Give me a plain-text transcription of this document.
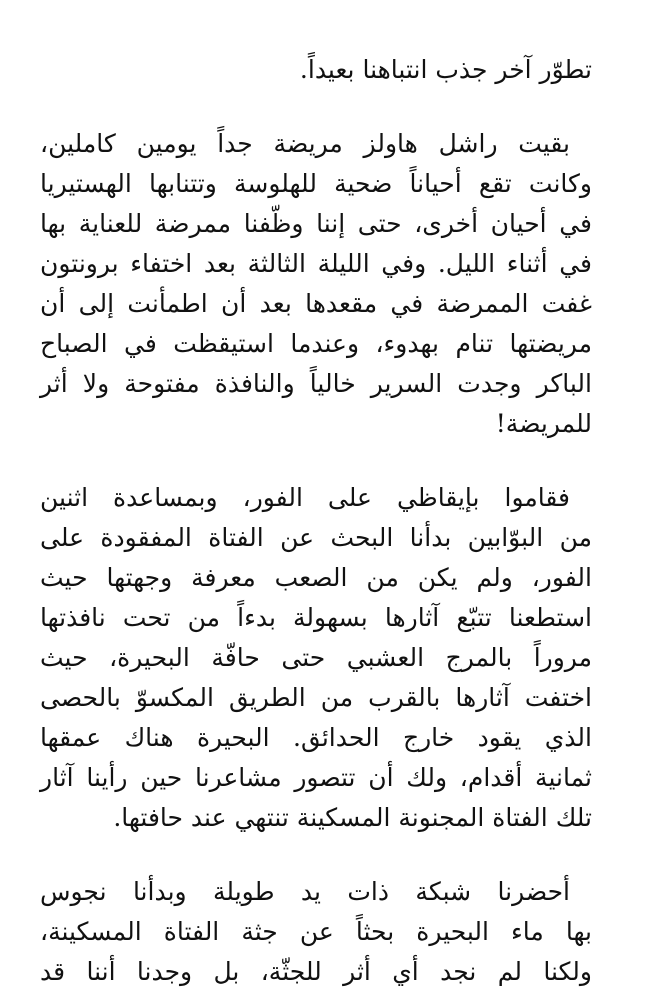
تطوّر آخر جذب انتباهنا بعيداً.
بقيت راشل هاولز مريضة جداً يومين كاملين،
وكانت تقع أحياناً ضحية للهلوسة وتتنابها الهستيريا
في أحيان أخرى، حتى إننا وظّفنا ممرضة للعناية بها
في أثناء الليل. وفي الليلة الثالثة بعد اختفاء برونتون
غفت الممرضة في مقعدها بعد أن اطمأنت إلى أن
مريضتها تنام بهدوء، وعندما استيقظت في الصباح
الباكر وجدت السرير خالياً والنافذة مفتوحة ولا أثر
للمريضة!
فقاموا بإيقاظي على الفور، وبمساعدة اثنين
من البوّابين بدأنا البحث عن الفتاة المفقودة على
الفور، ولم يكن من الصعب معرفة وجهتها حيث
استطعنا تتبّع آثارها بسهولة بدءاً من تحت نافذتها
مروراً بالمرج العشبي حتى حافّة البحيرة، حيث
اختفت آثارها بالقرب من الطريق المكسوّ بالحصى
الذي يقود خارج الحدائق. البحيرة هناك عمقها
ثمانية أقدام، ولك أن تتصور مشاعرنا حين رأينا آثار
تلك الفتاة المجنونة المسكينة تنتهي عند حافتها.
أحضرنا شبكة ذات يد طويلة وبدأنا نجوس
بها ماء البحيرة بحثاً عن جثة الفتاة المسكينة،
ولكنا لم نجد أي أثر للجثّة، بل وجدنا أننا قد
